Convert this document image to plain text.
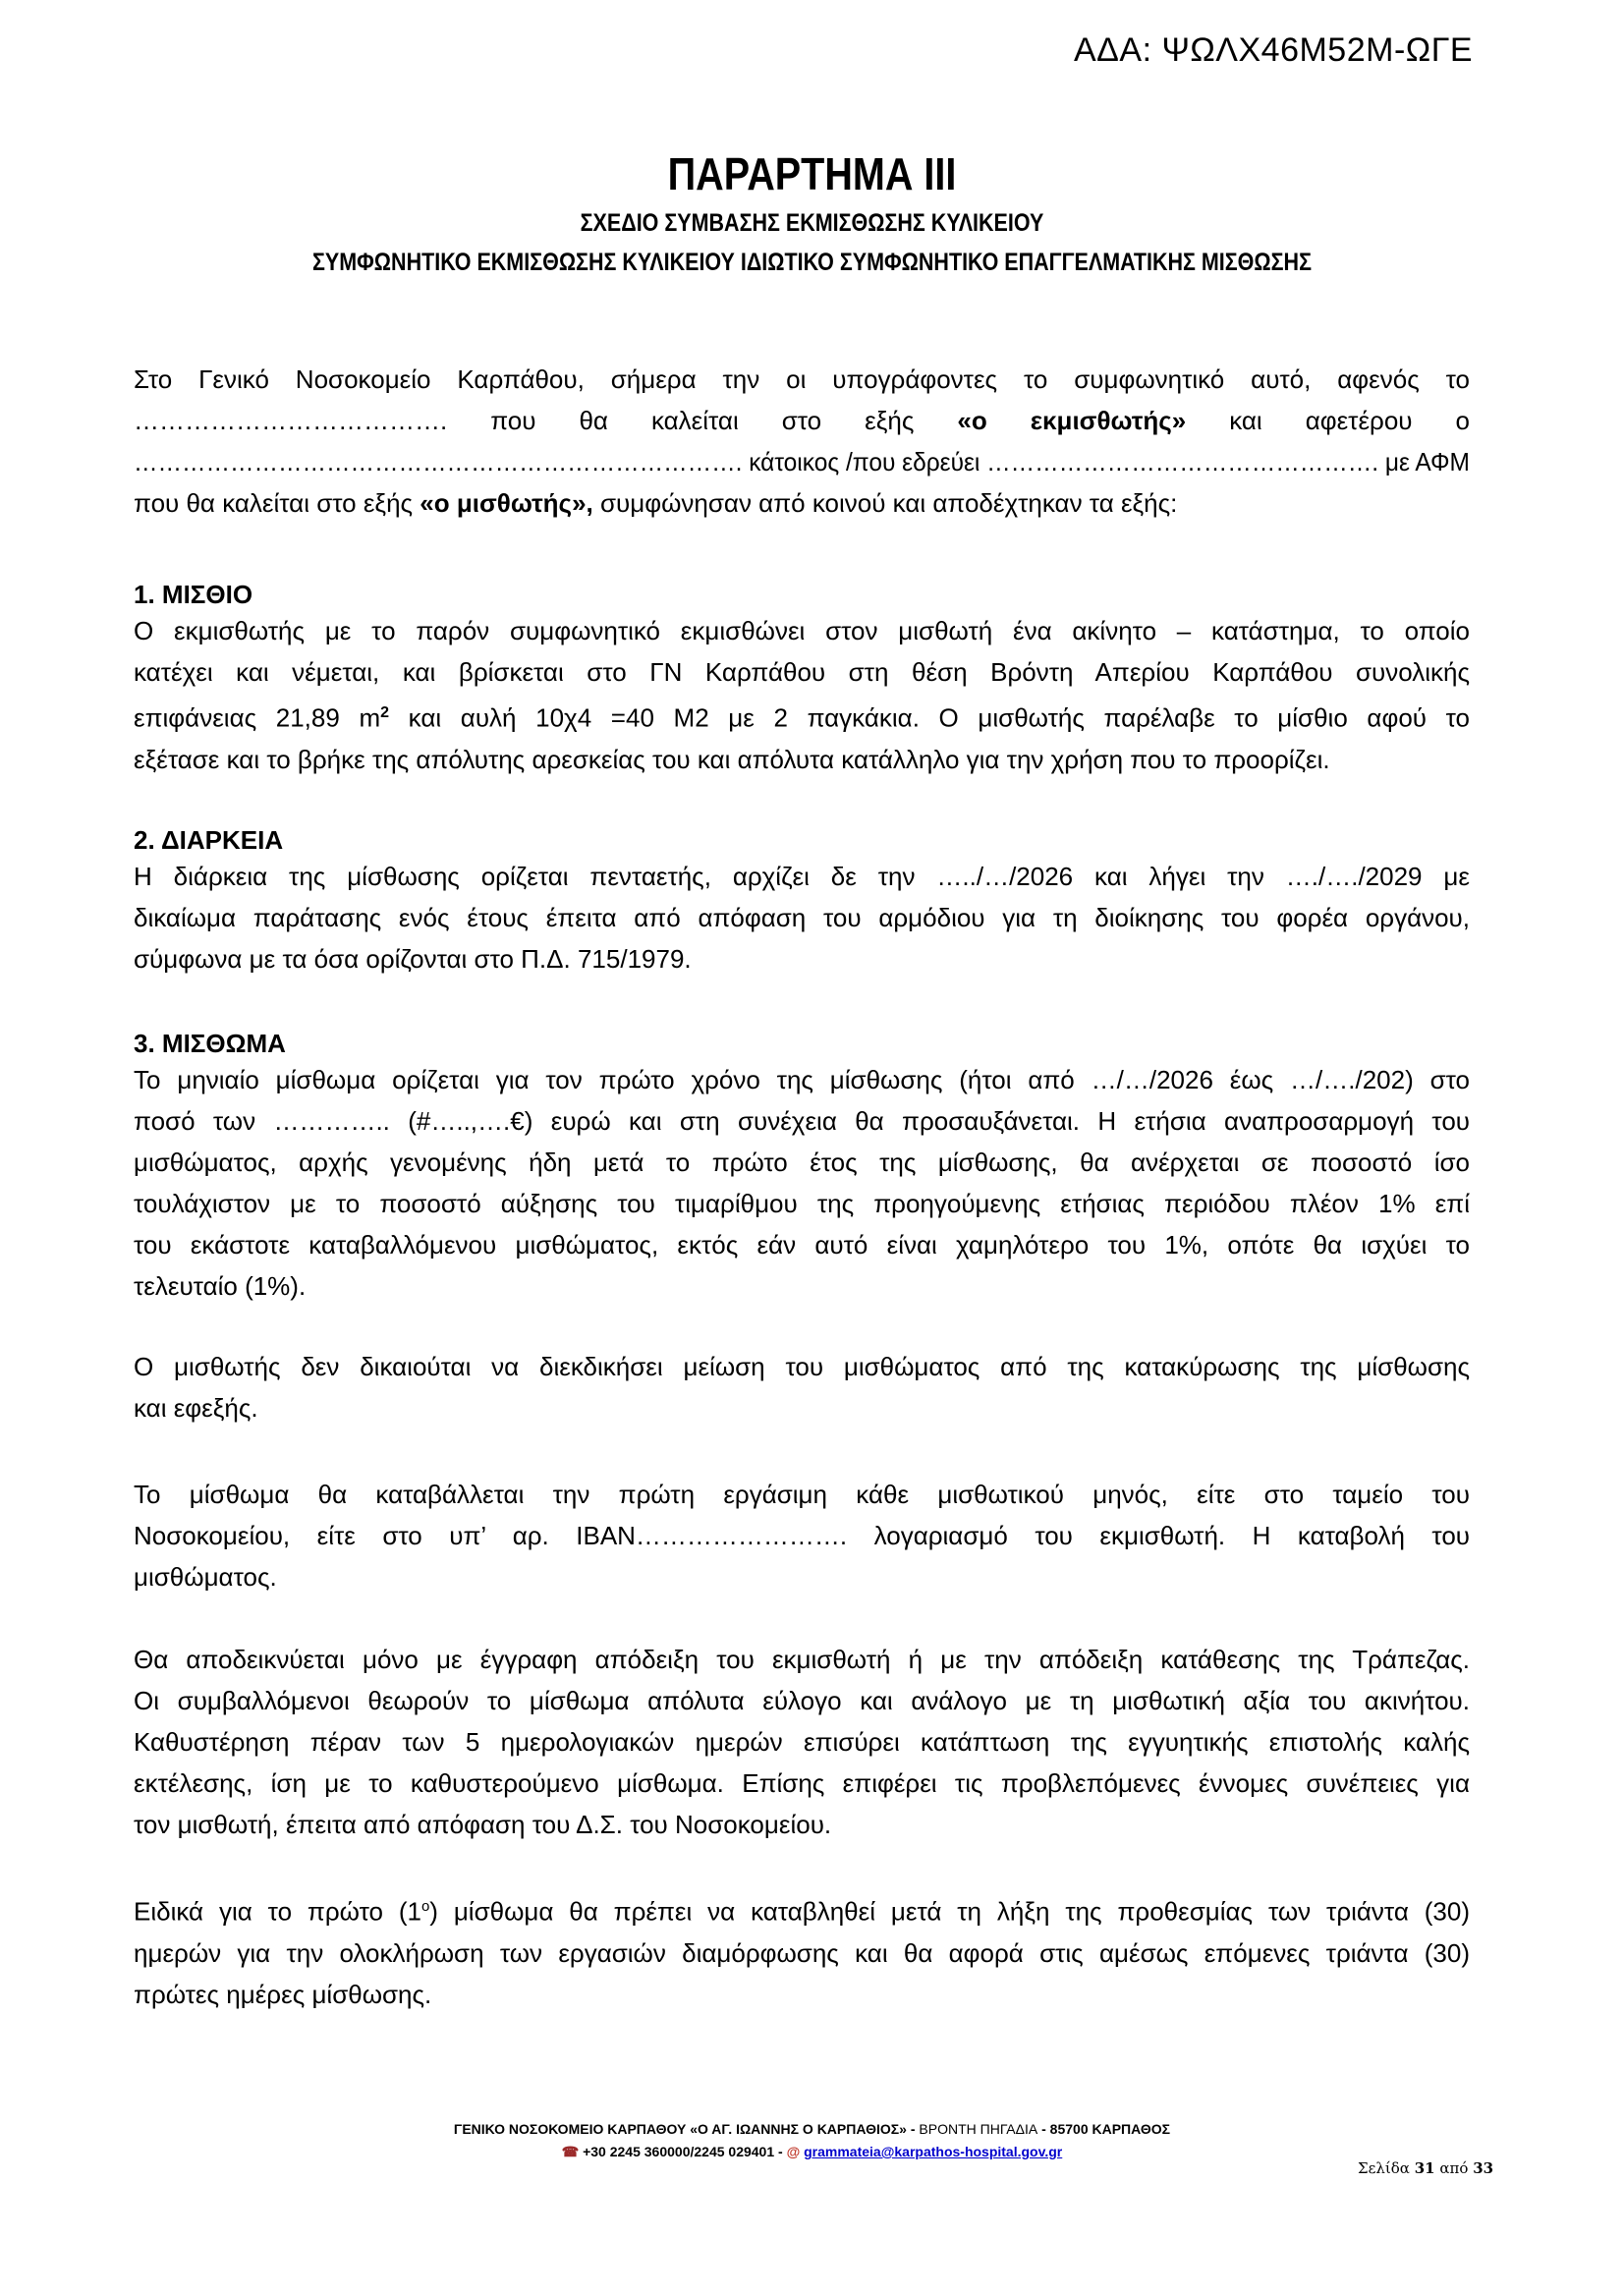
ΑΔΑ: ΨΩΛΧ46Μ52Μ-ΩΓΕ
ΠΑΡΑΡΤΗΜΑ ΙΙΙ
ΣΧΕΔΙΟ ΣΥΜΒΑΣΗΣ ΕΚΜΙΣΘΩΣΗΣ ΚΥΛΙΚΕΙΟΥ
ΣΥΜΦΩΝΗΤΙΚΟ ΕΚΜΙΣΘΩΣΗΣ ΚΥΛΙΚΕΙΟΥ ΙΔΙΩΤΙΚΟ ΣΥΜΦΩΝΗΤΙΚΟ ΕΠΑΓΓΕΛΜΑΤΙΚΗΣ ΜΙΣΘΩΣΗΣ
Στο Γενικό Νοσοκομείο Καρπάθου, σήμερα την οι υπογράφοντες το συμφωνητικό αυτό, αφενός το
………………………………. που θα καλείται στο εξής «ο εκμισθωτής» και αφετέρου ο
…………………………………………………………………. κάτοικος /που εδρεύει …………………………………………. με ΑΦΜ
που θα καλείται στο εξής «ο μισθωτής», συμφώνησαν από κοινού και αποδέχτηκαν τα εξής:
1. ΜΙΣΘΙΟ
Ο εκμισθωτής με το παρόν συμφωνητικό εκμισθώνει στον μισθωτή ένα ακίνητο – κατάστημα, το οποίο
κατέχει και νέμεται, και βρίσκεται στο ΓΝ Καρπάθου στη θέση Βρόντη Απερίου Καρπάθου συνολικής
επιφάνειας 21,89 $m^2$ και αυλή 10χ4 =40 Μ2 με 2 παγκάκια. Ο μισθωτής παρέλαβε το μίσθιο αφού το
εξέτασε και το βρήκε της απόλυτης αρεσκείας του και απόλυτα κατάλληλο για την χρήση που το προορίζει.
2. ΔΙΑΡΚΕΙΑ
Η διάρκεια της μίσθωσης ορίζεται πενταετής, αρχίζει δε την …../…/2026 και λήγει την …./…./2029 με
δικαίωμα παράτασης ενός έτους έπειτα από απόφαση του αρμόδιου για τη διοίκησης του φορέα οργάνου,
σύμφωνα με τα όσα ορίζονται στο Π.Δ. 715/1979.
3. ΜΙΣΘΩΜΑ
Το μηνιαίο μίσθωμα ορίζεται για τον πρώτο χρόνο της μίσθωσης (ήτοι από …/…/2026 έως …/…./202) στο
ποσό των ………….. (#…..,….€) ευρώ και στη συνέχεια θα προσαυξάνεται. Η ετήσια αναπροσαρμογή του
μισθώματος, αρχής γενομένης ήδη μετά το πρώτο έτος της μίσθωσης, θα ανέρχεται σε ποσοστό ίσο
τουλάχιστον με το ποσοστό αύξησης του τιμαρίθμου της προηγούμενης ετήσιας περιόδου πλέον 1% επί
του εκάστοτε καταβαλλόμενου μισθώματος, εκτός εάν αυτό είναι χαμηλότερο του 1%, οπότε θα ισχύει το
τελευταίο (1%).
Ο μισθωτής δεν δικαιούται να διεκδικήσει μείωση του μισθώματος από της κατακύρωσης της μίσθωσης
και εφεξής.
Το μίσθωμα θα καταβάλλεται την πρώτη εργάσιμη κάθε μισθωτικού μηνός, είτε στο ταμείο του
Νοσοκομείου, είτε στο υπ’ αρ. ΙΒΑΝ……………………. λογαριασμό του εκμισθωτή. Η καταβολή του
μισθώματος.
Θα αποδεικνύεται μόνο με έγγραφη απόδειξη του εκμισθωτή ή με την απόδειξη κατάθεσης της Τράπεζας.
Οι συμβαλλόμενοι θεωρούν το μίσθωμα απόλυτα εύλογο και ανάλογο με τη μισθωτική αξία του ακινήτου.
Καθυστέρηση πέραν των 5 ημερολογιακών ημερών επισύρει κατάπτωση της εγγυητικής επιστολής καλής
εκτέλεσης, ίση με το καθυστερούμενο μίσθωμα. Επίσης επιφέρει τις προβλεπόμενες έννομες συνέπειες για
τον μισθωτή, έπειτα από απόφαση του Δ.Σ. του Νοσοκομείου.
Ειδικά για το πρώτο $(1^o)$ μίσθωμα θα πρέπει να καταβληθεί μετά τη λήξη της προθεσμίας των τριάντα (30)
ημερών για την ολοκλήρωση των εργασιών διαμόρφωσης και θα αφορά στις αμέσως επόμενες τριάντα (30)
πρώτες ημέρες μίσθωσης.
ΓΕΝΙΚΟ ΝΟΣΟΚΟΜΕΙΟ ΚΑΡΠΑΘΟΥ «Ο ΑΓ. ΙΩΑΝΝΗΣ Ο ΚΑΡΠΑΘΙΟΣ» - ΒΡΟΝΤΗ ΠΗΓΑΔΙΑ - 85700 ΚΑΡΠΑΘΟΣ
☎ +30 2245 360000/2245 029401 - @ grammateia@karpathos-hospital.gov.gr
Σελίδα 31 από 33
